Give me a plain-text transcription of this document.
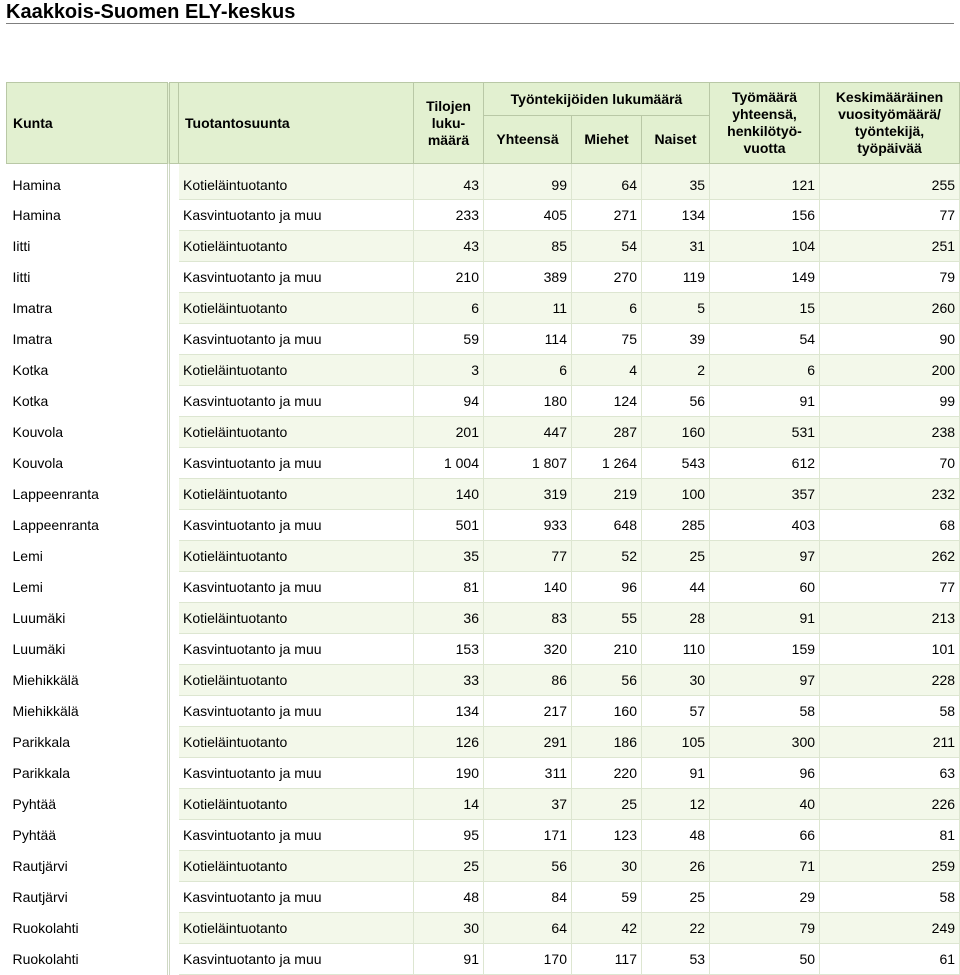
Kaakkois-Suomen ELY-keskus
Kunta		Tuotantosuunta	Tilojen
luku-
määrä	Työntekijöiden lukumäärä			Työmäärä
yhteensä,
henkilötyö-
vuotta	Keskimääräinen
vuosityömäärä/
työntekijä,
työpäivää
				Yhteensä	Miehet	Naiset		
Hamina		Kotieläintuotanto	43	99	64	35	121	255
Hamina		Kasvintuotanto ja muu	233	405	271	134	156	77
Iitti		Kotieläintuotanto	43	85	54	31	104	251
Iitti		Kasvintuotanto ja muu	210	389	270	119	149	79
Imatra		Kotieläintuotanto	6	11	6	5	15	260
Imatra		Kasvintuotanto ja muu	59	114	75	39	54	90
Kotka		Kotieläintuotanto	3	6	4	2	6	200
Kotka		Kasvintuotanto ja muu	94	180	124	56	91	99
Kouvola		Kotieläintuotanto	201	447	287	160	531	238
Kouvola		Kasvintuotanto ja muu	1 004	1 807	1 264	543	612	70
Lappeenranta		Kotieläintuotanto	140	319	219	100	357	232
Lappeenranta		Kasvintuotanto ja muu	501	933	648	285	403	68
Lemi		Kotieläintuotanto	35	77	52	25	97	262
Lemi		Kasvintuotanto ja muu	81	140	96	44	60	77
Luumäki		Kotieläintuotanto	36	83	55	28	91	213
Luumäki		Kasvintuotanto ja muu	153	320	210	110	159	101
Miehikkälä		Kotieläintuotanto	33	86	56	30	97	228
Miehikkälä		Kasvintuotanto ja muu	134	217	160	57	58	58
Parikkala		Kotieläintuotanto	126	291	186	105	300	211
Parikkala		Kasvintuotanto ja muu	190	311	220	91	96	63
Pyhtää		Kotieläintuotanto	14	37	25	12	40	226
Pyhtää		Kasvintuotanto ja muu	95	171	123	48	66	81
Rautjärvi		Kotieläintuotanto	25	56	30	26	71	259
Rautjärvi		Kasvintuotanto ja muu	48	84	59	25	29	58
Ruokolahti		Kotieläintuotanto	30	64	42	22	79	249
Ruokolahti		Kasvintuotanto ja muu	91	170	117	53	50	61
